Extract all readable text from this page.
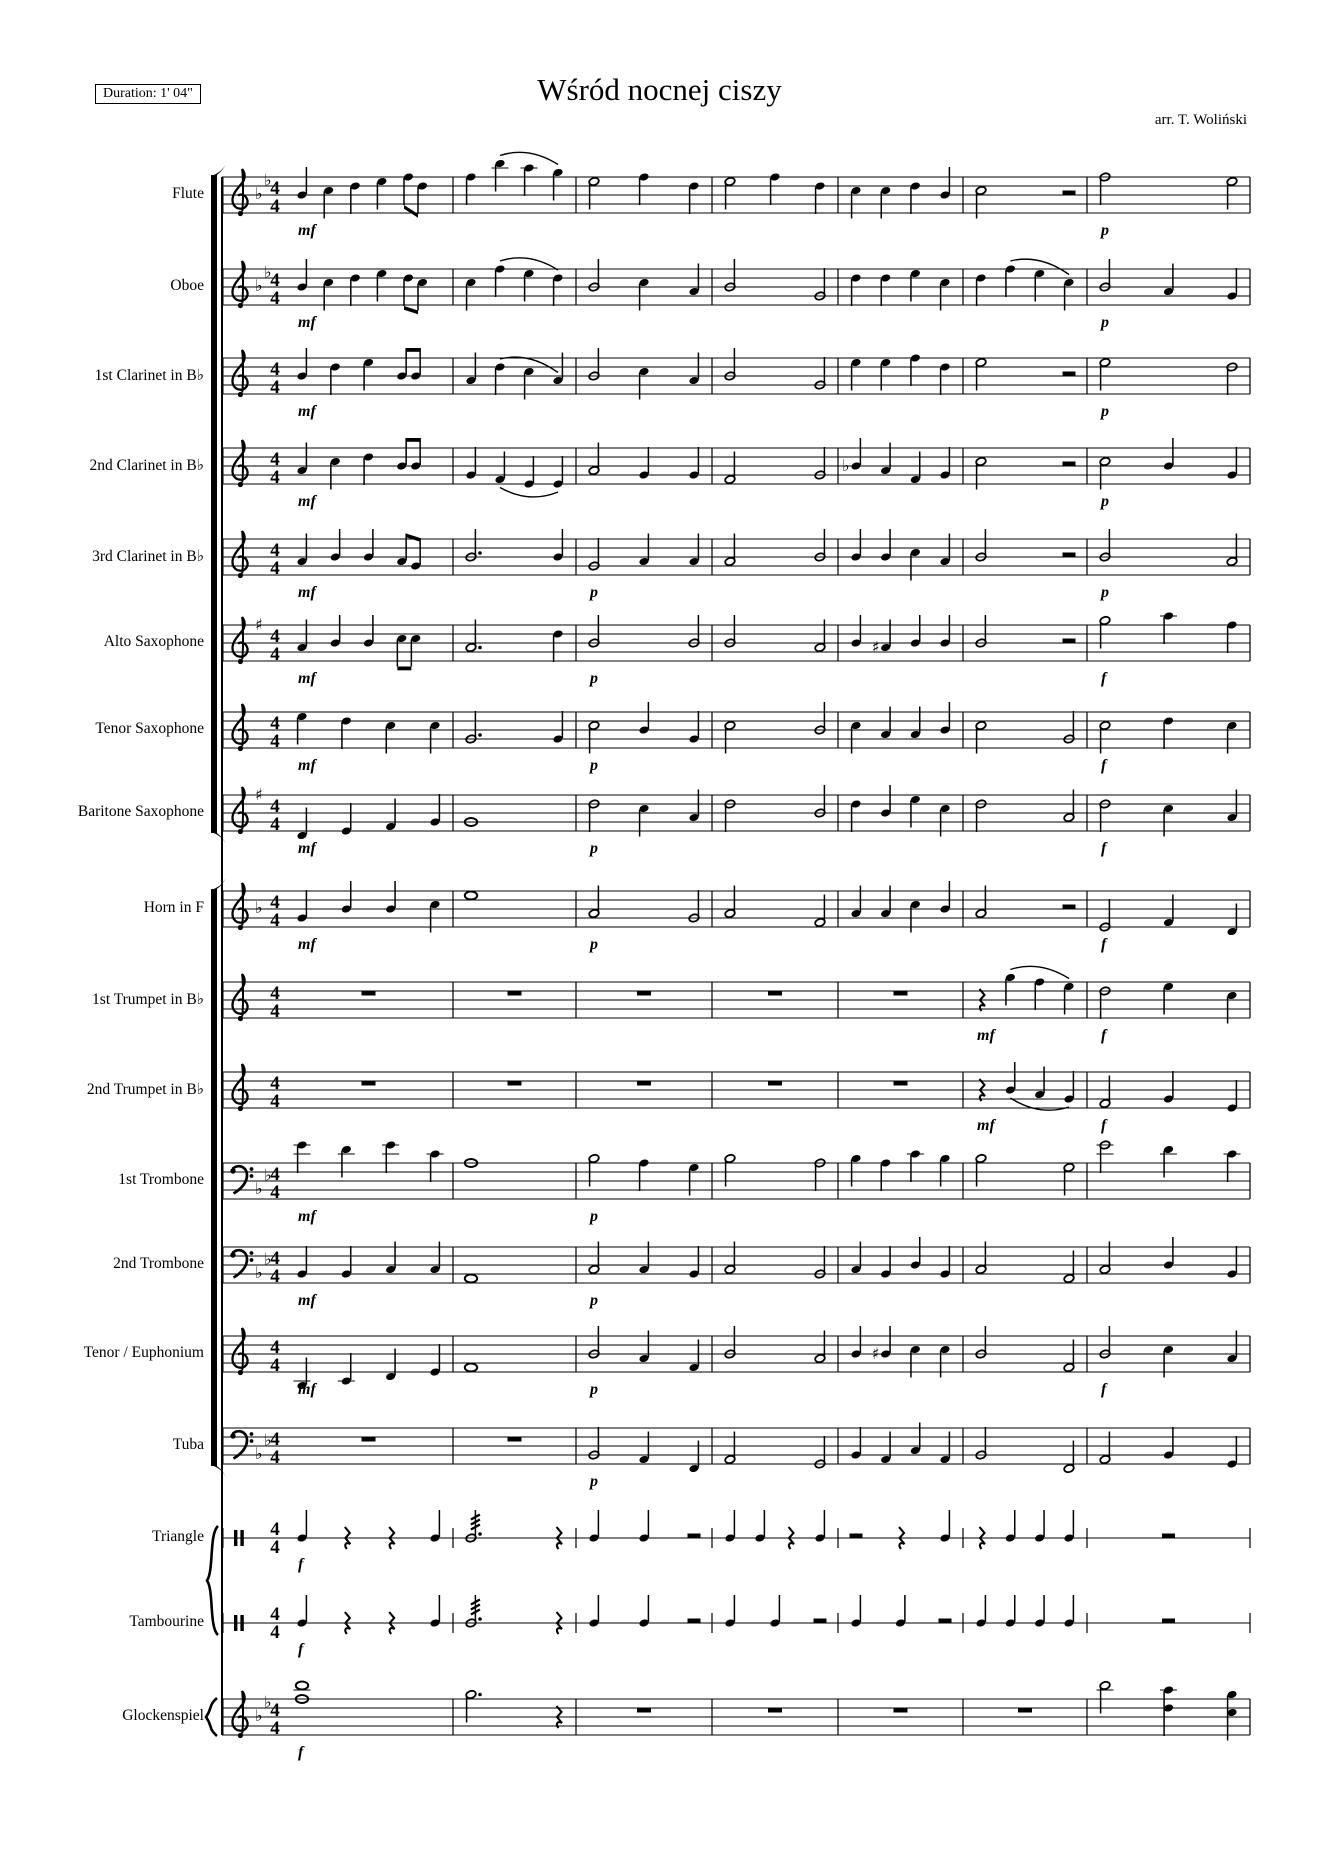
Duration: 1' 04"	Wśród nocnej ciszy
arr. T. Woliński
Flute
Oboe
1st Clarinet in B♭
2nd Clarinet in B♭
3rd Clarinet in B♭
Alto Saxophone
Tenor Saxophone
Baritone Saxophone
Horn in F
1st Trumpet in B♭
2nd Trumpet in B♭
1st Trombone
2nd Trombone
Tenor / Euphonium
Tuba
Triangle
Tambourine
Glockenspiel
♭
♭
4
4
mf	p
♭
♭
4
4
mf	p
4
4
mf	p
4
4
♭
mf	p
4
4
mf	p	p
♯
4
4	♯
mf	p	f
4
4
mf	p	f
♯
4
4
mf	p	f
♭ 4
4
mf	p	f
4
4
mf	f
4
4
mf	f
♭
♭
4
4
mf	p
♭
♭
4
4
mf	p
4
4
♯
mf	p	f
♭
♭
4
4
p
4
4
f
4
4
f
♭
♭
4
4
f
